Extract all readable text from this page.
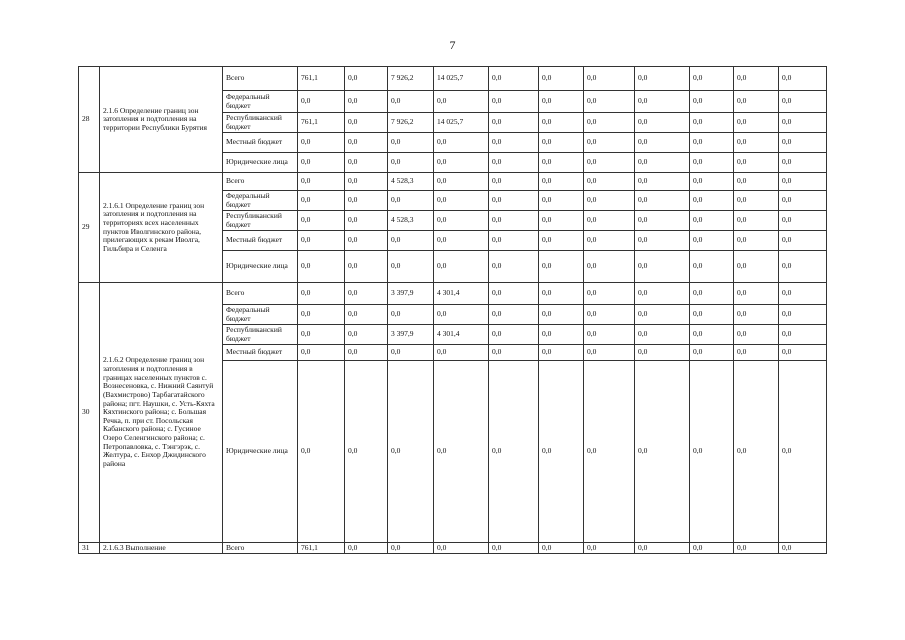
7
28	2.1.6 Определение границ зон затопления и подтопления на территории Республики Бурятия	Всего	761,1	0,0	7 926,2	14 025,7	0,0	0,0	0,0	0,0	0,0	0,0	0,0
		Федеральный бюджет	0,0	0,0	0,0	0,0	0,0	0,0	0,0	0,0	0,0	0,0	0,0
		Республиканский бюджет	761,1	0,0	7 926,2	14 025,7	0,0	0,0	0,0	0,0	0,0	0,0	0,0
		Местный бюджет	0,0	0,0	0,0	0,0	0,0	0,0	0,0	0,0	0,0	0,0	0,0
		Юридические лица	0,0	0,0	0,0	0,0	0,0	0,0	0,0	0,0	0,0	0,0	0,0
29	2.1.6.1 Определение границ зон затопления и подтопления на территориях всех населенных пунктов Иволгинского района, прилегающих к рекам Иволга, Гильбира и Селенга	Всего	0,0	0,0	4 528,3	0,0	0,0	0,0	0,0	0,0	0,0	0,0	0,0
		Федеральный бюджет	0,0	0,0	0,0	0,0	0,0	0,0	0,0	0,0	0,0	0,0	0,0
		Республиканский бюджет	0,0	0,0	4 528,3	0,0	0,0	0,0	0,0	0,0	0,0	0,0	0,0
		Местный бюджет	0,0	0,0	0,0	0,0	0,0	0,0	0,0	0,0	0,0	0,0	0,0
		Юридические лица	0,0	0,0	0,0	0,0	0,0	0,0	0,0	0,0	0,0	0,0	0,0
30	2.1.6.2 Определение границ зон затопления и подтопления в границах населенных пунктов с. Вознесеновка, с. Нижний Саянтуй (Вахмистрово) Тарбагатайского района; пгт. Наушки, с. Усть-Кяхта Кяхтинского района; с. Большая Речка, п. при ст. Посольская Кабанского района; с. Гусиное Озеро Селенгинского района; с. Петропавловка, с. Тэнгэрэк, с. Желтура, с. Енхор Джидинского района	Всего	0,0	0,0	3 397,9	4 301,4	0,0	0,0	0,0	0,0	0,0	0,0	0,0
		Федеральный бюджет	0,0	0,0	0,0	0,0	0,0	0,0	0,0	0,0	0,0	0,0	0,0
		Республиканский бюджет	0,0	0,0	3 397,9	4 301,4	0,0	0,0	0,0	0,0	0,0	0,0	0,0
		Местный бюджет	0,0	0,0	0,0	0,0	0,0	0,0	0,0	0,0	0,0	0,0	0,0
		Юридические лица	0,0	0,0	0,0	0,0	0,0	0,0	0,0	0,0	0,0	0,0	0,0
31	2.1.6.3 Выполнение	Всего	761,1	0,0	0,0	0,0	0,0	0,0	0,0	0,0	0,0	0,0	0,0
